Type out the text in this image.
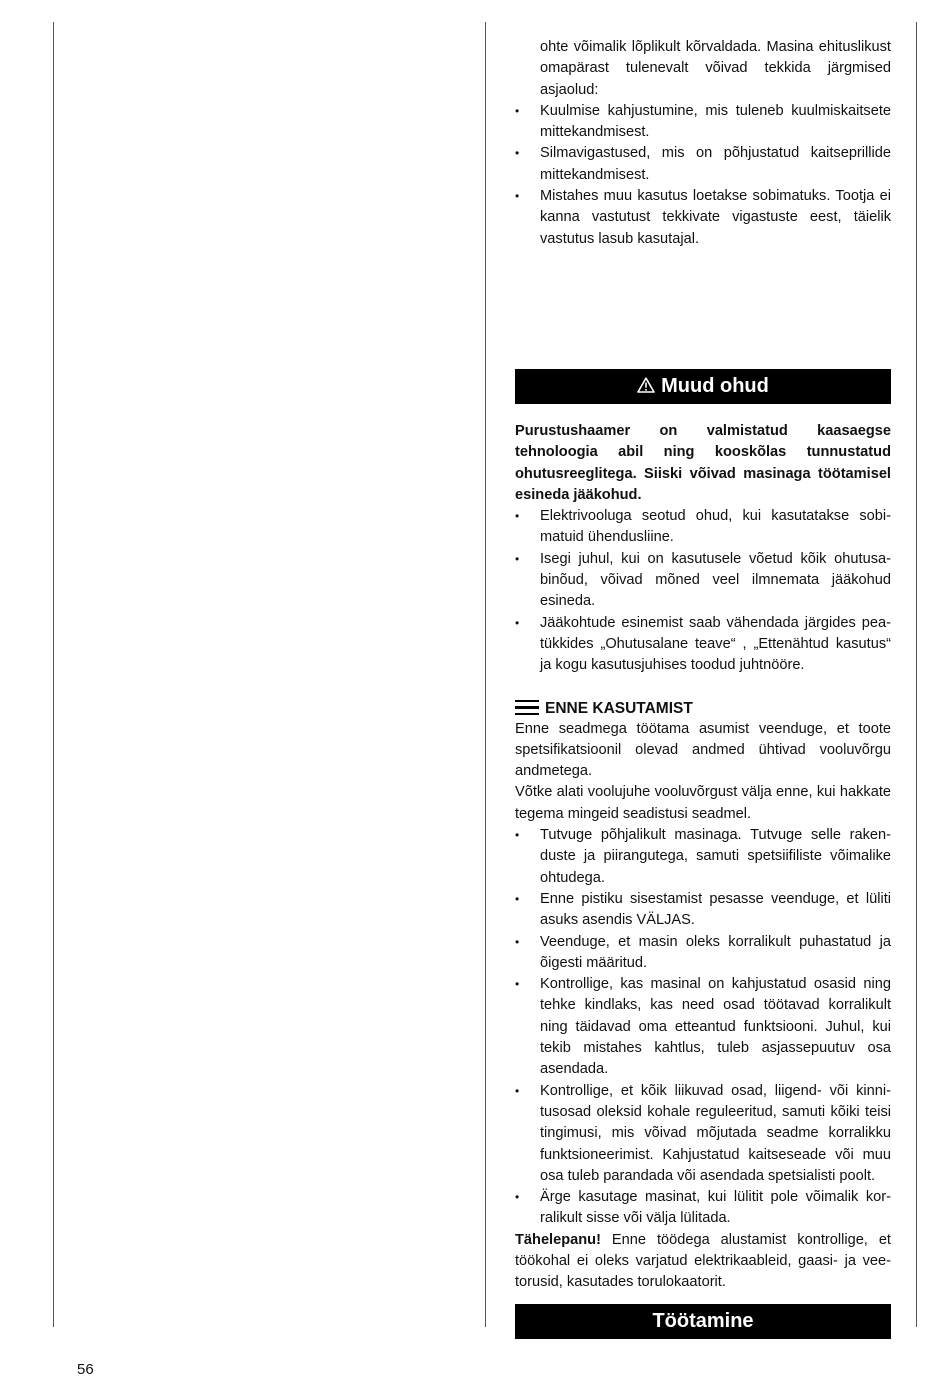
ohte võimalik lõplikult kõrvaldada. Masina ehituslikust omapärast tulenevalt võivad tekkida järgmised asjaolud:

• Kuulmise kahjustumine, mis tuleneb kuulmiskaitsete mittekandmisest.
• Silmavigastused, mis on põhjustatud kaitseprillide mittekandmisest.
• Mistahes muu kasutus loetakse sobimatuks. Tootja ei kanna vastutust tekkivate vigastuste eest, täielik vastutus lasub kasutajal.
Muud ohud

Purustushaamer on valmistatud kaasaegse tehnoloogia abil ning kooskõlas tunnustatud ohutusreeglitega. Siiski võivad masinaga töötamisel esineda jääkohud.

• Elektrivooluga seotud ohud, kui kasutatakse sobimatuid ühendusliine.
• Isegi juhul, kui on kasutusele võetud kõik ohutusabinõud, võivad mõned veel ilmnemata jääkohud esineda.
• Jääkohtude esinemist saab vähendada järgides peatükkides „Ohutusalane teave“ , „Ettenähtud kasutus“ ja kogu kasutusjuhises toodud juhtnööre.
ENNE KASUTAMIST

Enne seadmega töötama asumist veenduge, et toote spetsifikatsioonil olevad andmed ühtivad vooluvõrgu andmetega.

Võtke alati voolujuhe vooluvõrgust välja enne, kui hakkate tegema mingeid seadistusi seadmel.

• Tutvuge põhjalikult masinaga. Tutvuge selle rakenduste ja piirangutega, samuti spetsiifiliste võimalike ohtudega.
• Enne pistiku sisestamist pesasse veenduge, et lüliti asuks asendis VÄLJAS.
• Veenduge, et masin oleks korralikult puhastatud ja õigesti määritud.
• Kontrollige, kas masinal on kahjustatud osasid ning tehke kindlaks, kas need osad töötavad korralikult ning täidavad oma etteantud funktsiooni. Juhul, kui tekib mistahes kahtlus, tuleb asjassepuutuv osa asendada.
• Kontrollige, et kõik liikuvad osad, liigend- või kinnitusosad oleksid kohale reguleeritud, samuti kõiki teisi tingimusi, mis võivad mõjutada seadme korralikku funktsioneerimist. Kahjustatud kaitseseade või muu osa tuleb parandada või asendada spetsialisti poolt.
• Ärge kasutage masinat, kui lülitit pole võimalik korralikult sisse või välja lülitada.

Tähelepanu! Enne töödega alustamist kontrollige, et töökohal ei oleks varjatud elektrikaableid, gaasi- ja veetorusid, kasutades torulokaatorit.

Töötamine
56
